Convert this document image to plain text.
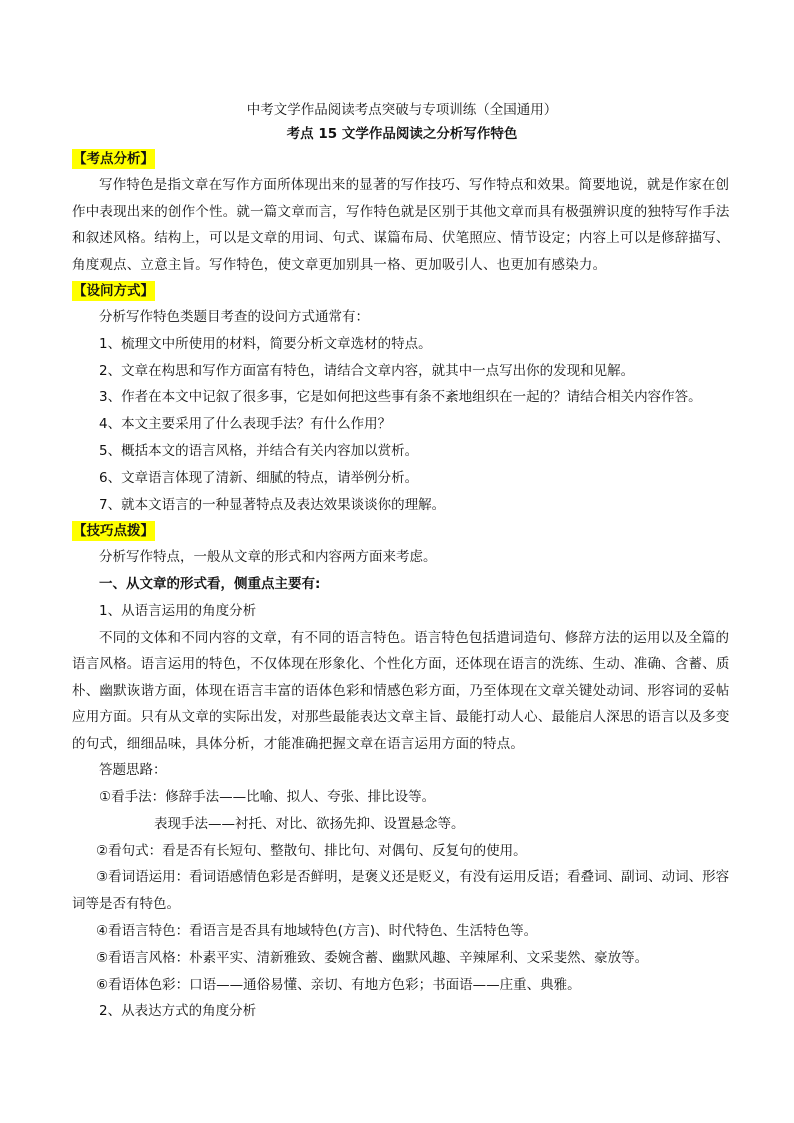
中考文学作品阅读考点突破与专项训练（全国通用）
考点 15 文学作品阅读之分析写作特色
【考点分析】

写作特色是指文章在写作方面所体现出来的显著的写作技巧、写作特点和效果。简要地说，就是作家在创作中表现出来的创作个性。就一篇文章而言，写作特色就是区别于其他文章而具有极强辨识度的独特写作手法和叙述风格。结构上，可以是文章的用词、句式、谋篇布局、伏笔照应、情节设定；内容上可以是修辞描写、角度观点、立意主旨。写作特色，使文章更加别具一格、更加吸引人、也更加有感染力。

【设问方式】
分析写作特色类题目考查的设问方式通常有：
1、梳理文中所使用的材料，简要分析文章选材的特点。
2、文章在构思和写作方面富有特色，请结合文章内容，就其中一点写出你的发现和见解。
3、作者在本文中记叙了很多事，它是如何把这些事有条不紊地组织在一起的？请结合相关内容作答。
4、本文主要采用了什么表现手法？有什么作用？
5、概括本文的语言风格，并结合有关内容加以赏析。
6、文章语言体现了清新、细腻的特点，请举例分析。
7、就本文语言的一种显著特点及表达效果谈谈你的理解。
【技巧点拨】
分析写作特点，一般从文章的形式和内容两方面来考虑。
一、从文章的形式看，侧重点主要有:
1、从语言运用的角度分析

不同的文体和不同内容的文章，有不同的语言特色。语言特色包括遣词造句、修辞方法的运用以及全篇的语言风格。语言运用的特色，不仅体现在形象化、个性化方面，还体现在语言的洗练、生动、准确、含蓄、质朴、幽默诙谐方面，体现在语言丰富的语体色彩和情感色彩方面，乃至体现在文章关键处动词、形容词的妥帖应用方面。只有从文章的实际出发，对那些最能表达文章主旨、最能打动人心、最能启人深思的语言以及多变的句式，细细品味，具体分析，才能准确把握文章在语言运用方面的特点。

答题思路：
①看手法：修辞手法——比喻、拟人、夸张、排比设等。
表现手法——衬托、对比、欲扬先抑、设置悬念等。
②看句式：看是否有长短句、整散句、排比句、对偶句、反复句的使用。

③看词语运用：看词语感情色彩是否鲜明，是褒义还是贬义，有没有运用反语；看叠词、副词、动词、形容词等是否有特色。

④看语言特色：看语言是否具有地域特色(方言)、时代特色、生活特色等。
⑤看语言风格：朴素平实、清新雅致、委婉含蓄、幽默风趣、辛辣犀利、文采斐然、豪放等。
⑥看语体色彩：口语——通俗易懂、亲切、有地方色彩；书面语——庄重、典雅。
2、从表达方式的角度分析
